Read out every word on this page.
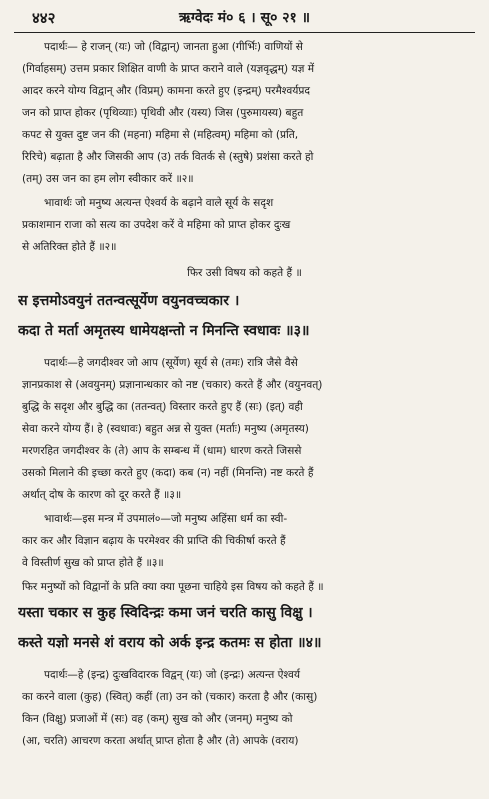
४४२	ऋग्वेदः मं० ६ । सू० २१ ॥
पदार्थः— हे राजन् (यः) जो (विद्वान्) जानता हुआ (गीर्भिः) वाणियों से
(गिर्वाहसम्) उत्तम प्रकार शिक्षित वाणी के प्राप्त कराने वाले (यज्ञवृद्धम्) यज्ञ में
आदर करने योग्य विद्वान् और (विप्रम्) कामना करते हुए (इन्द्रम्) परमैश्वर्यप्रद
जन को प्राप्त होकर (पृथिव्याः) पृथिवी और (यस्य) जिस (पुरुमायस्य) बहुत
कपट से युक्त दुष्ट जन की (महना) महिमा से (महित्वम्) महिमा को (प्रति,
रिरिचे) बढ़ाता है और जिसकी आप (उ) तर्क वितर्क से (स्तुषे) प्रशंसा करते हो
(तम्) उस जन का हम लोग स्वीकार करें ॥२॥
भावार्थः जो मनुष्य अत्यन्त ऐश्वर्य के बढ़ाने वाले सूर्य के सदृश
प्रकाशमान राजा को सत्य का उपदेश करें वे महिमा को प्राप्त होकर दुःख
से अतिरिक्त होते हैं ॥२॥
फिर उसी विषय को कहते हैं ॥
स इत्तमोऽवयुनं ततन्वत्सूर्येण वयुनवच्चकार ।
कदा ते मर्ता अमृतस्य धामेयक्षन्तो न मिनन्ति स्वधावः ॥३॥
पदार्थः—हे जगदीश्वर जो आप (सूर्येण) सूर्य से (तमः) रात्रि जैसे वैसे
ज्ञानप्रकाश से (अवयुनम्) प्रज्ञानान्धकार को नष्ट (चकार) करते हैं और (वयुनवत्)
बुद्धि के सदृश और बुद्धि का (ततन्वत्) विस्तार करते हुए हैं (सः) (इत्) वही
सेवा करने योग्य हैं। हे (स्वधावः) बहुत अन्न से युक्त (मर्ताः) मनुष्य (अमृतस्य)
मरणरहित जगदीश्वर के (ते) आप के सम्बन्ध में (धाम) धारण करते जिससे
उसको मिलाने की इच्छा करते हुए (कदा) कब (न) नहीं (मिनन्ति) नष्ट करते हैं
अर्थात् दोष के कारण को दूर करते हैं ॥३॥
भावार्थः—इस मन्त्र में उपमालं०—जो मनुष्य अहिंसा धर्म का स्वी-
कार कर और विज्ञान बढ़ाय के परमेश्वर की प्राप्ति की चिकीर्षा करते हैं
वे विस्तीर्ण सुख को प्राप्त होते हैं ॥३॥
फिर मनुष्यों को विद्वानों के प्रति क्या क्या पूछना चाहिये इस विषय को कहते हैं ॥
यस्ता चकार स कुह स्विदिन्द्रः कमा जनं चरति कासु विक्षु ।
कस्ते यज्ञो मनसे शं वराय को अर्क इन्द्र कतमः स होता ॥४॥
पदार्थः—हे (इन्द्र) दुःखविदारक विद्वन् (यः) जो (इन्द्रः) अत्यन्त ऐश्वर्य
का करने वाला (कुह) (स्वित्) कहीं (ता) उन को (चकार) करता है और (कासु)
किन (विक्षु) प्रजाओं में (सः) वह (कम्) सुख को और (जनम्) मनुष्य को
(आ, चरति) आचरण करता अर्थात् प्राप्त होता है और (ते) आपके (वराय)
